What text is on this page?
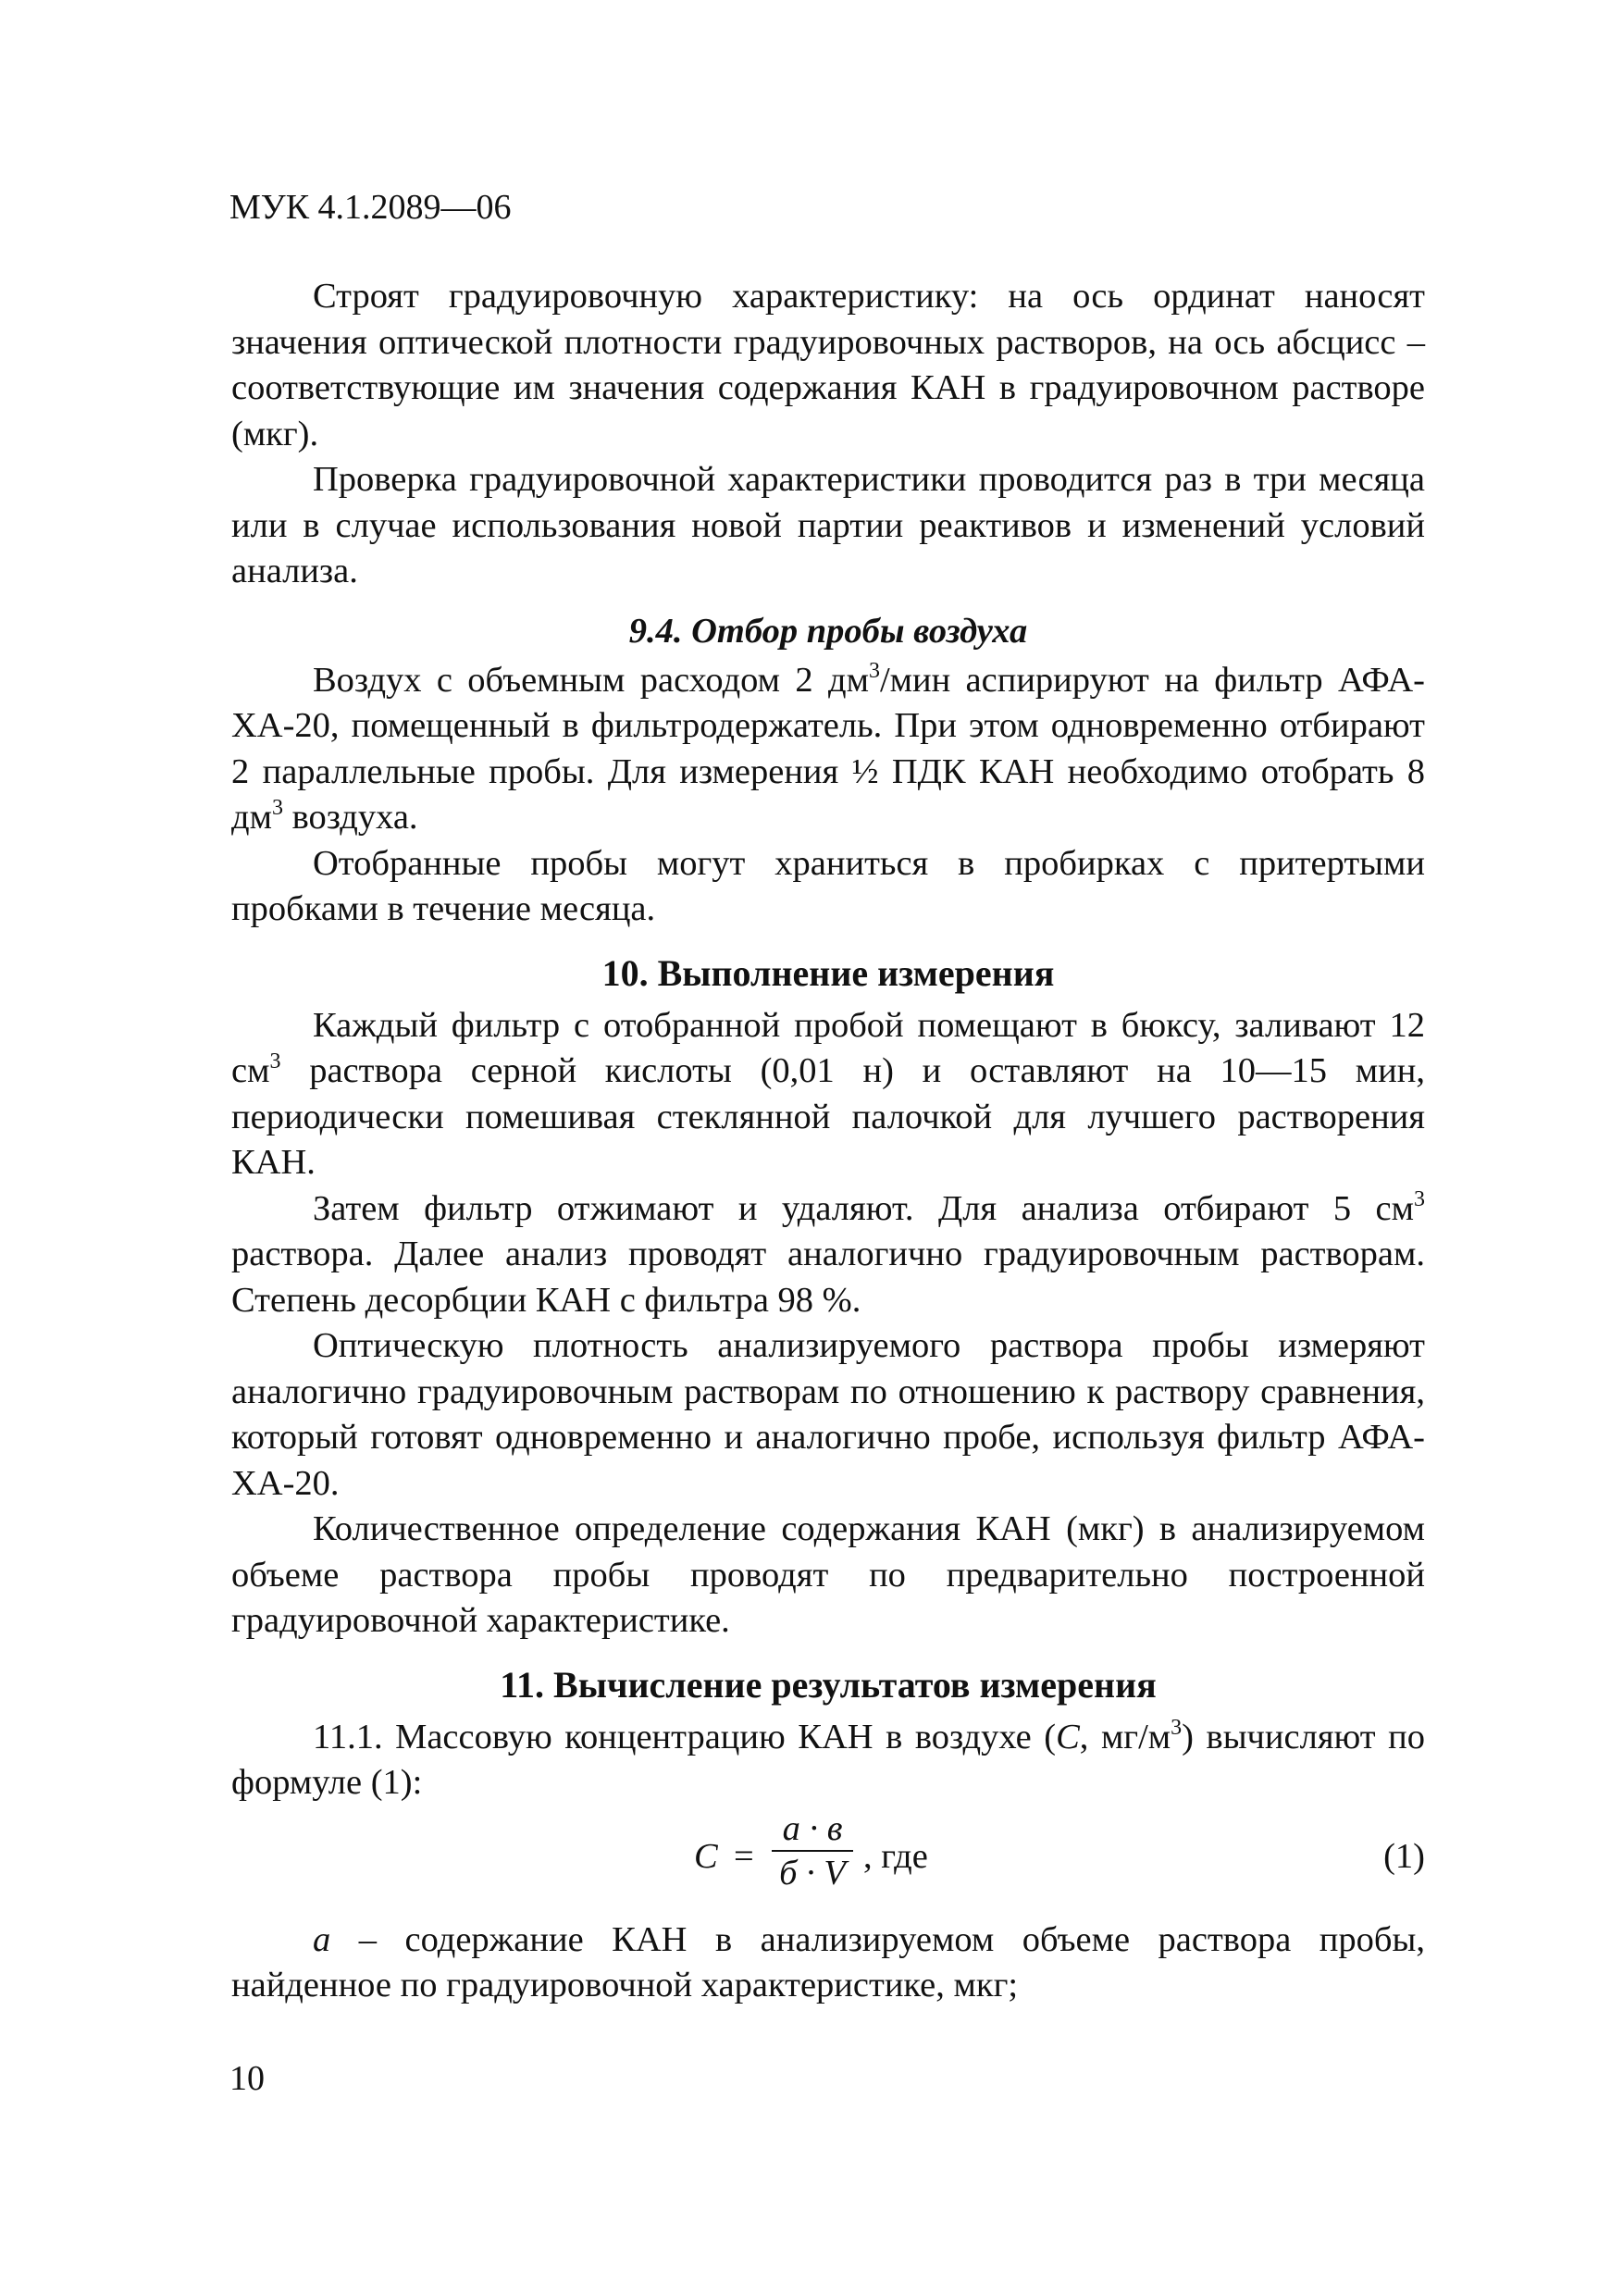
МУК 4.1.2089—06

Строят градуировочную характеристику: на ось ординат наносят значения оптической плотности градуировочных растворов, на ось абсцисс – соответствующие им значения содержания КАН в градуировочном растворе (мкг).

Проверка градуировочной характеристики проводится раз в три месяца или в случае использования новой партии реактивов и изменений условий анализа.

9.4. Отбор пробы воздуха

Воздух с объемным расходом 2 $дм^3$/мин аспирируют на фильтр АФА-ХА-20, помещенный в фильтродержатель. При этом одновременно отбирают 2 параллельные пробы. Для измерения ½ ПДК КАН необходимо отобрать 8 $дм^3$ воздуха.

Отобранные пробы могут храниться в пробирках с притертыми пробками в течение месяца.

10. Выполнение измерения

Каждый фильтр с отобранной пробой помещают в бюксу, заливают 12 $см^3$ раствора серной кислоты (0,01 н) и оставляют на 10—15 мин, периодически помешивая стеклянной палочкой для лучшего растворения КАН.

Затем фильтр отжимают и удаляют. Для анализа отбирают 5 $см^3$ раствора. Далее анализ проводят аналогично градуировочным растворам. Степень десорбции КАН с фильтра 98 %.

Оптическую плотность анализируемого раствора пробы измеряют аналогично градуировочным растворам по отношению к раствору сравнения, который готовят одновременно и аналогично пробе, используя фильтр АФА-ХА-20.

Количественное определение содержания КАН (мкг) в анализируемом объеме раствора пробы проводят по предварительно построенной градуировочной характеристике.

11. Вычисление результатов измерения

11.1. Массовую концентрацию КАН в воздухе (С, $мг/м^3$) вычисляют по формуле (1):

С =
а · в
б · V , где	(1)

а – содержание КАН в анализируемом объеме раствора пробы, найденное по градуировочной характеристике, мкг;

10
